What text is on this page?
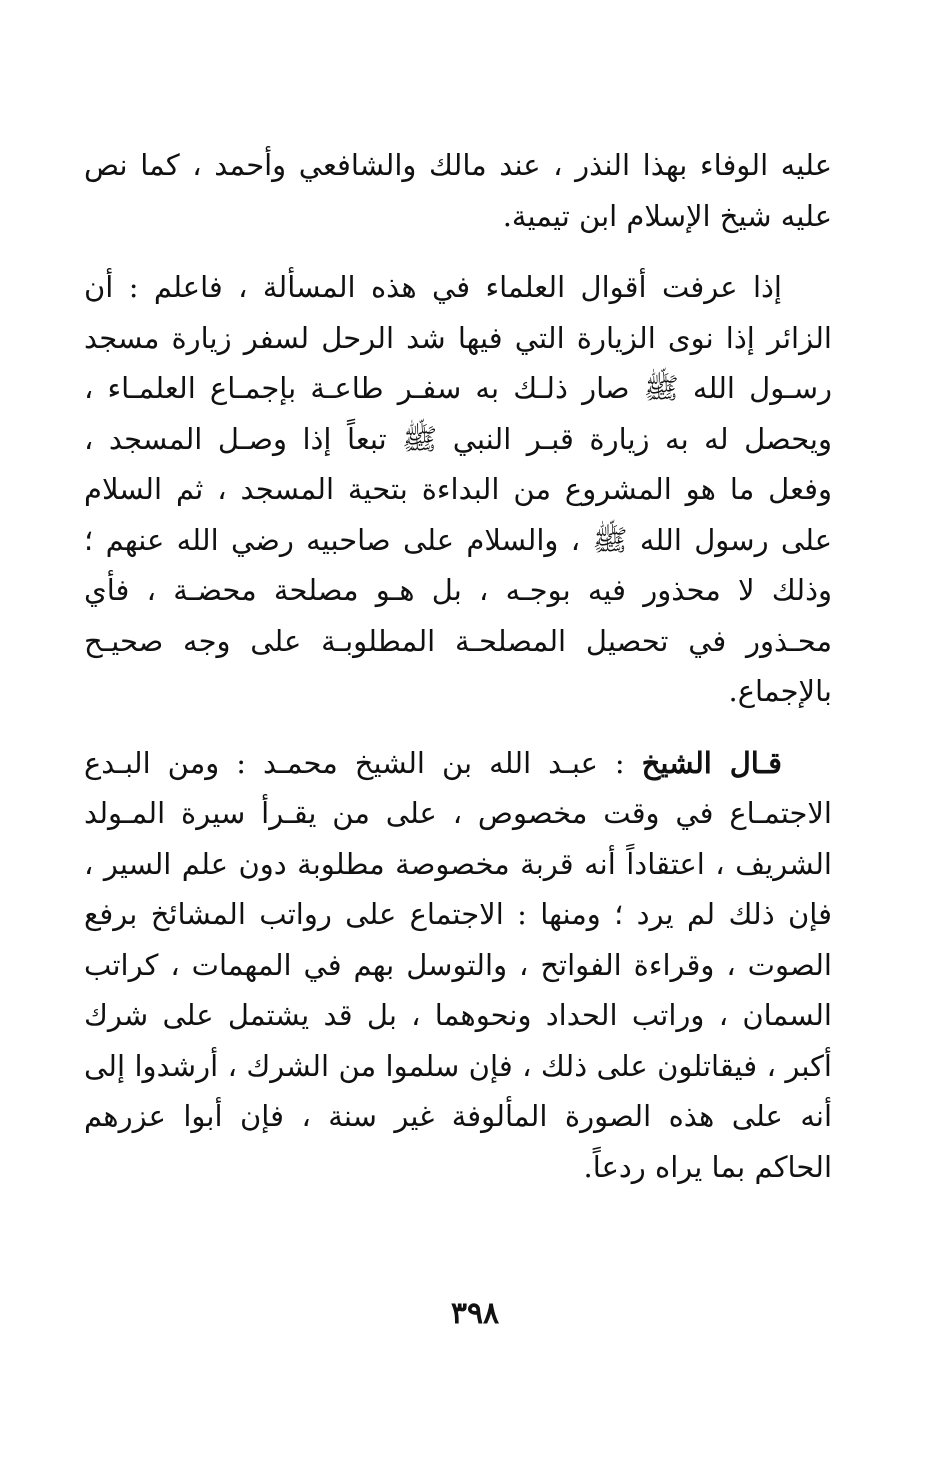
عليه الوفاء بهذا النذر ، عند مالك والشافعي وأحمد ، كما نص عليه شيخ الإسلام ابن تيمية.

إذا عرفت أقوال العلماء في هذه المسألة ، فاعلم : أن الزائر إذا نوى الزيارة التي فيها شد الرحل لسفر زيارة مسجد رسـول الله ﷺ صار ذلـك به سفـر طاعـة بإجمـاع العلمـاء ، ويحصل له به زيارة قبـر النبي ﷺ تبعاً إذا وصـل المسجد ، وفعل ما هو المشروع من البداءة بتحية المسجد ، ثم السلام على رسول الله ﷺ ، والسلام على صاحبيه رضي الله عنهم ؛ وذلك لا محذور فيه بوجـه ، بل هـو مصلحة محضـة ، فأي محـذور في تحصيل المصلحـة المطلوبـة على وجه صحيـح بالإجماع.

قـال الشيخ : عبـد الله بن الشيخ محمـد : ومن البـدع الاجتمـاع في وقت مخصوص ، على من يقـرأ سيرة المـولد الشريف ، اعتقاداً أنه قربة مخصوصة مطلوبة دون علم السير ، فإن ذلك لم يرد ؛ ومنها : الاجتماع على رواتب المشائخ برفع الصوت ، وقراءة الفواتح ، والتوسل بهم في المهمات ، كراتب السمان ، وراتب الحداد ونحوهما ، بل قد يشتمل على شرك أكبر ، فيقاتلون على ذلك ، فإن سلموا من الشرك ، أرشدوا إلى أنه على هذه الصورة المألوفة غير سنة ، فإن أبوا عزرهم الحاكم بما يراه ردعاً.

٣٩٨
